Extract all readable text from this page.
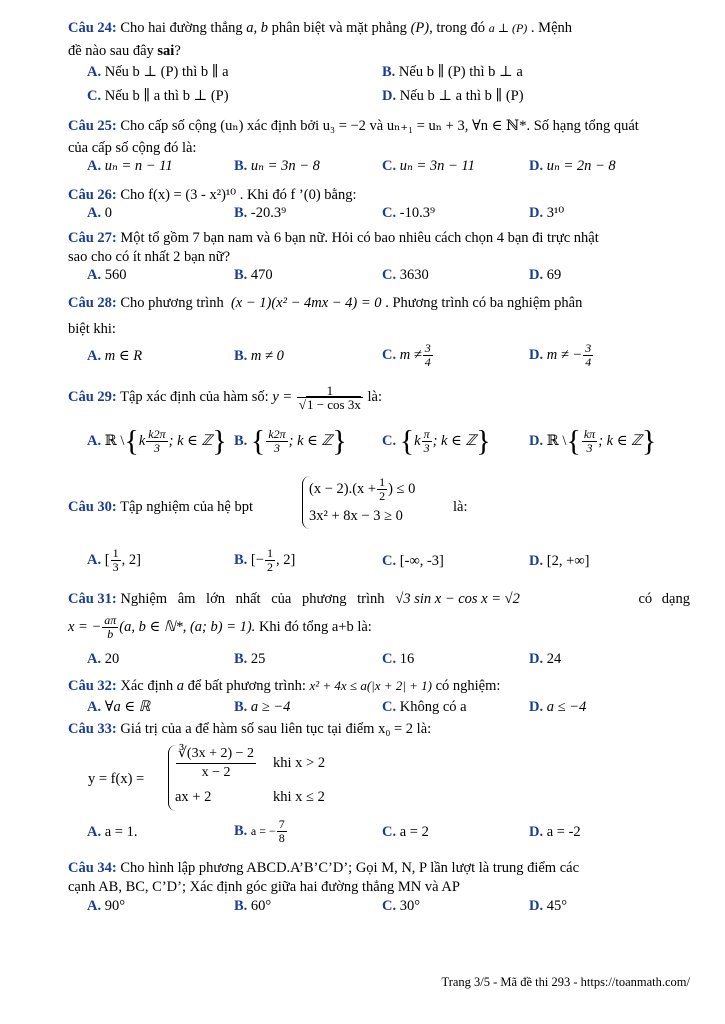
Câu 24: Cho hai đường thẳng a, b phân biệt và mặt phẳng (P), trong đó a ⊥ (P) . Mệnh
đề nào sau đây sai?
A. Nếu b ⊥ (P) thì b ∥ a	B. Nếu b ∥ (P) thì b ⊥ a
C. Nếu b ∥ a thì b ⊥ (P)	D. Nếu b ⊥ a thì b ∥ (P)
Câu 25: Cho cấp số cộng (uₙ) xác định bởi u₃ = −2 và uₙ₊₁ = uₙ + 3, ∀n ∈ ℕ*. Số hạng tổng quát
của cấp số cộng đó là:
A. uₙ = n − 11	B. uₙ = 3n − 8	C. uₙ = 3n − 11	D. uₙ = 2n − 8
Câu 26: Cho f(x) = (3 - x²)¹⁰ . Khi đó f ’(0) bằng:
A. 0	B. -20.3⁹	C. -10.3⁹	D. 3¹⁰
Câu 27: Một tổ gồm 7 bạn nam và 6 bạn nữ. Hỏi có bao nhiêu cách chọn 4 bạn đi trực nhật
sao cho có ít nhất 2 bạn nữ?
A. 560	B. 470	C. 3630	D. 69
Câu 28: Cho phương trình (x − 1)(x² − 4mx − 4) = 0 . Phương trình có ba nghiệm phân
biệt khi:
A. m ∈ R	B. m ≠ 0	C. $m \ne \frac{3}{4}$	D. m ≠ − $\frac{3}{4}$
Câu 29: Tập xác định của hàm số: $y = \frac{1}{√1 - \cos 3x}$ là:
A. ℝ \{k $\frac{k2\pi}{3}$ ; k ∈ ℤ} B. { $\frac{k2\pi}{3}$ ; k ∈ ℤ} C. {$k \frac{\pi}{3}$ ; k ∈ ℤ}	D. ℝ \{ $\frac{k\pi}{3}$ ; k ∈ ℤ}
Câu 30: Tập nghiệm của hệ bpt
$(x - 2).(x + \frac{1}{2}$ ) ≤ 0
3x² + 8x − 3 ≥ 0
là:
A. [ $\frac{1}{3}$ , 2]	B. [− $\frac{1}{2}$ , 2]	C. [-∞, -3]	D. [2, +∞]
Câu 31: Nghiệm âm lớn nhất của phương trình √3 sin x − cos x = √2	có dạng
x = − $\frac{a\pi}{b} (a$, b ∈ ℕ*, (a; b) = 1). Khi đó tổng a+b là:
A. 20	B. 25	C. 16	D. 24
Câu 32: Xác định a để bất phương trình: x² + 4x ≤ a(|x + 2| + 1) có nghiệm:
A. ∀a ∈ ℝ	B. a ≥ −4	C. Không có a	D. a ≤ −4
Câu 33: Giá trị của a để hàm số sau liên tục tại điểm x₀ = 2 là:
$y = f(x) = \frac{∛(3x + 2) - 2}{x - 2}$ khi x > 2
ax + 2	khi x ≤ 2
A. a = 1.	B. a = − $\frac{7}{8}$	C. a = 2	D. a = -2
Câu 34: Cho hình lập phương ABCD.A’B’C’D’; Gọi M, N, P lần lượt là trung điểm các
cạnh AB, BC, C’D’; Xác định góc giữa hai đường thẳng MN và AP
A. 90°	B. 60°	C. 30°	D. 45°
Trang 3/5 - Mã đề thi 293 - https://toanmath.com/
